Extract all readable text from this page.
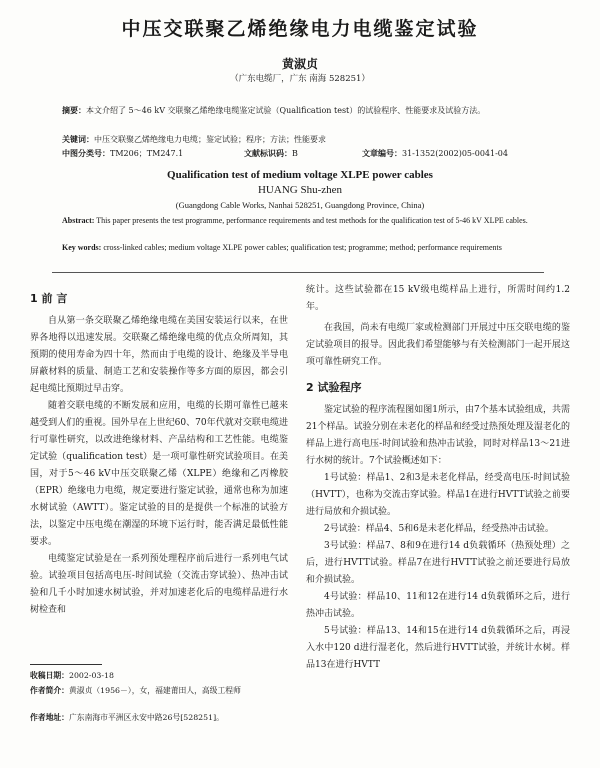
中压交联聚乙烯绝缘电力电缆鉴定试验
黄淑贞
（广东电缆厂，广东 南海 528251）
摘要：本文介绍了 5～46 kV 交联聚乙烯绝缘电缆鉴定试验（Qualification test）的试验程序、性能要求及试验方法。
关键词：中压交联聚乙烯绝缘电力电缆；鉴定试验；程序；方法；性能要求
中图分类号：TM206；TM247.1	文献标识码：B	文章编号：31-1352(2002)05-0041-04
Qualification test of medium voltage XLPE power cables
HUANG Shu-zhen
(Guangdong Cable Works, Nanhai 528251, Guangdong Province, China)
Abstract: This paper presents the test programme, performance requirements and test methods for the qualification test of 5-46 kV XLPE cables.
Key words: cross-linked cables; medium voltage XLPE power cables; qualification test; programme; method; performance requirements
1 前 言

自从第一条交联聚乙烯绝缘电缆在美国安装运行以来，在世界各地得以迅速发展。交联聚乙烯绝缘电缆的优点众所周知，其预期的使用寿命为四十年，然而由于电缆的设计、绝缘及半导电屏蔽材料的质量、制造工艺和安装操作等多方面的原因，都会引起电缆比预期过早击穿。

随着交联电缆的不断发展和应用，电缆的长期可靠性已越来越受到人们的重视。国外早在上世纪60、70年代就对交联电缆进行可靠性研究，以改进绝缘材料、产品结构和工艺性能。电缆鉴定试验（qualification test）是一项可靠性研究试验项目。在美国，对于5～46 kV中压交联聚乙烯（XLPE）绝缘和乙丙橡胶（EPR）绝缘电力电缆，规定要进行鉴定试验，通常也称为加速水树试验（AWTT）。鉴定试验的目的是提供一个标准的试验方法，以鉴定中压电缆在潮湿的环境下运行时，能否满足最低性能要求。

电缆鉴定试验是在一系列预处理程序前后进行一系列电气试验。试验项目包括高电压-时间试验（交流击穿试验）、热冲击试验和几千小时加速水树试验，并对加速老化后的电缆样品进行水树检查和

收稿日期：2002-03-18
作者简介：黄淑贞（1956－），女，福建莆田人，高级工程师
作者地址：广东南海市平洲区永安中路26号[528251]。

统计。这些试验都在15 kV级电缆样品上进行，所需时间约1.2年。

在我国，尚未有电缆厂家或检测部门开展过中压交联电缆的鉴定试验项目的报导。因此我们希望能够与有关检测部门一起开展这项可靠性研究工作。

2 试验程序

鉴定试验的程序流程图如图1所示，由7个基本试验组成，共需21个样品。试验分别在未老化的样品和经受过热预处理及湿老化的样品上进行高电压-时间试验和热冲击试验，同时对样品13～21进行水树的统计。7个试验概述如下：

1号试验：样品1、2和3是未老化样品，经受高电压-时间试验（HVTT），也称为交流击穿试验。样品1在进行HVTT试验之前要进行局放和介损试验。

2号试验：样品4、5和6是未老化样品，经受热冲击试验。

3号试验：样品7、8和9在进行14 d负载循环（热预处理）之后，进行HVTT试验。样品7在进行HVTT试验之前还要进行局放和介损试验。

4号试验：样品10、11和12在进行14 d负载循环之后，进行热冲击试验。

5号试验：样品13、14和15在进行14 d负载循环之后，再浸入水中120 d进行湿老化，然后进行HVTT试验，并统计水树。样品13在进行HVTT
